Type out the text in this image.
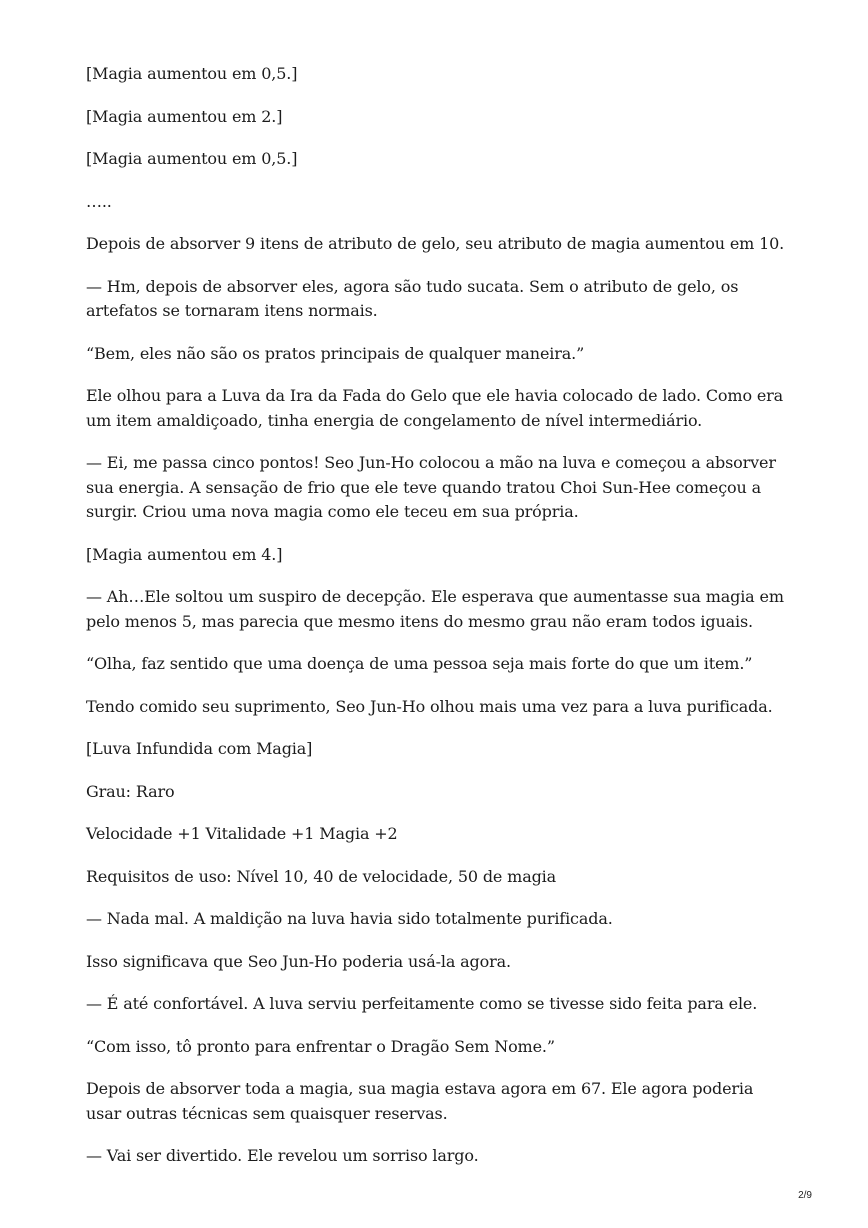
[Magia aumentou em 0,5.]

[Magia aumentou em 2.]

[Magia aumentou em 0,5.]

…..

Depois de absorver 9 itens de atributo de gelo, seu atributo de magia aumentou em 10.

— Hm, depois de absorver eles, agora são tudo sucata. Sem o atributo de gelo, os artefatos se tornaram itens normais.

“Bem, eles não são os pratos principais de qualquer maneira.”

Ele olhou para a Luva da Ira da Fada do Gelo que ele havia colocado de lado. Como era um item amaldiçoado, tinha energia de congelamento de nível intermediário.

— Ei, me passa cinco pontos! Seo Jun-Ho colocou a mão na luva e começou a absorver sua energia. A sensação de frio que ele teve quando tratou Choi Sun-Hee começou a surgir. Criou uma nova magia como ele teceu em sua própria.

[Magia aumentou em 4.]

— Ah…Ele soltou um suspiro de decepção. Ele esperava que aumentasse sua magia em pelo menos 5, mas parecia que mesmo itens do mesmo grau não eram todos iguais.

“Olha, faz sentido que uma doença de uma pessoa seja mais forte do que um item.”

Tendo comido seu suprimento, Seo Jun-Ho olhou mais uma vez para a luva purificada.

[Luva Infundida com Magia]

Grau: Raro

Velocidade +1 Vitalidade +1 Magia +2

Requisitos de uso: Nível 10, 40 de velocidade, 50 de magia

— Nada mal. A maldição na luva havia sido totalmente purificada.

Isso significava que Seo Jun-Ho poderia usá-la agora.

— É até confortável. A luva serviu perfeitamente como se tivesse sido feita para ele.

“Com isso, tô pronto para enfrentar o Dragão Sem Nome.”

Depois de absorver toda a magia, sua magia estava agora em 67. Ele agora poderia usar outras técnicas sem quaisquer reservas.

— Vai ser divertido. Ele revelou um sorriso largo.

2/9
